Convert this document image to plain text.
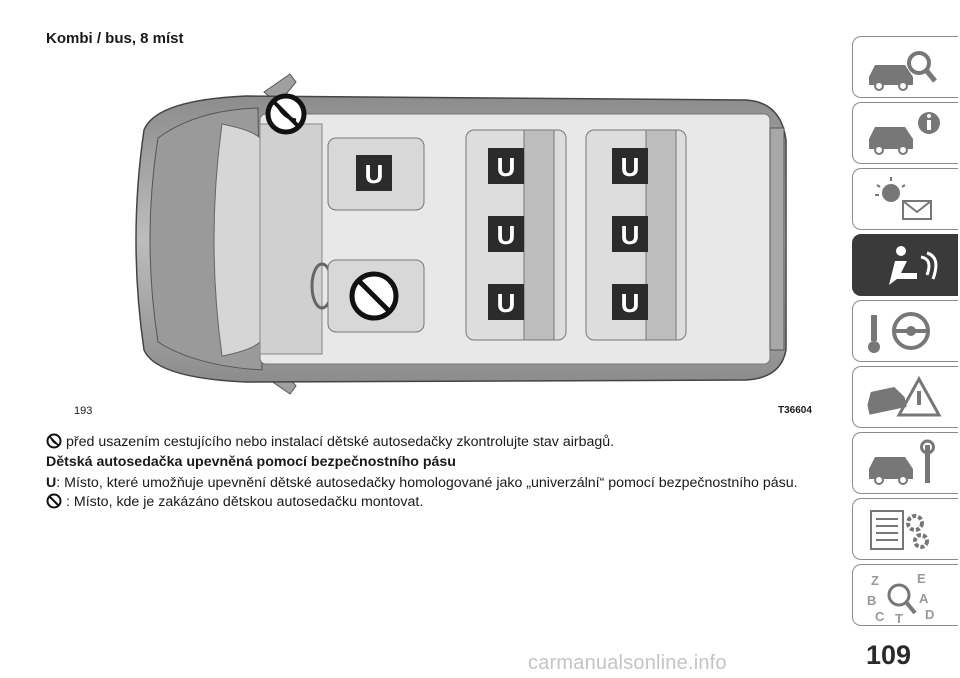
Kombi / bus, 8 míst
U	U
U
U
U
U
U
193	T36604
před usazením cestujícího nebo instalací dětské autosedačky zkontrolujte stav airbagů.
Dětská autosedačka upevněná pomocí bezpečnostního pásu
U: Místo, které umožňuje upevnění dětské autosedačky homologované jako „univerzální“ pomocí bezpečnostního pásu.
: Místo, kde je zakázáno dětskou autosedačku montovat.
Z	E
B	A
C T D
109
carmanualsonline.info
